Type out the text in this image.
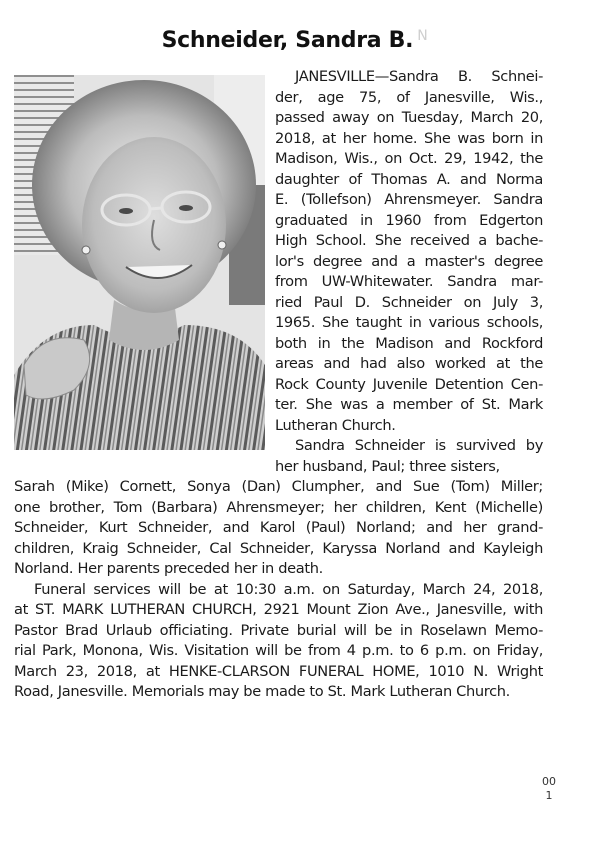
Schneider, Sandra B. $^N$
JANESVILLE—Sandra B. Schnei-
der, age 75, of Janesville, Wis.,
passed away on Tuesday, March 20,
2018, at her home. She was born in
Madison, Wis., on Oct. 29, 1942, the
daughter of Thomas A. and Norma
E. (Tollefson) Ahrensmeyer. Sandra
graduated in 1960 from Edgerton
High School. She received a bache-
lor's degree and a master's degree
from UW-Whitewater. Sandra mar-
ried Paul D. Schneider on July 3,
1965. She taught in various schools,
both in the Madison and Rockford
areas and had also worked at the
Rock County Juvenile Detention Cen-
ter. She was a member of St. Mark
Lutheran Church.
Sandra Schneider is survived by
her husband, Paul; three sisters,
Sarah (Mike) Cornett, Sonya (Dan) Clumpher, and Sue (Tom) Miller;
one brother, Tom (Barbara) Ahrensmeyer; her children, Kent (Michelle)
Schneider, Kurt Schneider, and Karol (Paul) Norland; and her grand-
children, Kraig Schneider, Cal Schneider, Karyssa Norland and Kayleigh
Norland. Her parents preceded her in death.
Funeral services will be at 10:30 a.m. on Saturday, March 24, 2018,
at ST. MARK LUTHERAN CHURCH, 2921 Mount Zion Ave., Janesville, with
Pastor Brad Urlaub officiating. Private burial will be in Roselawn Memo-
rial Park, Monona, Wis. Visitation will be from 4 p.m. to 6 p.m. on Friday,
March 23, 2018, at HENKE-CLARSON FUNERAL HOME, 1010 N. Wright
Road, Janesville. Memorials may be made to St. Mark Lutheran Church.
00
1
